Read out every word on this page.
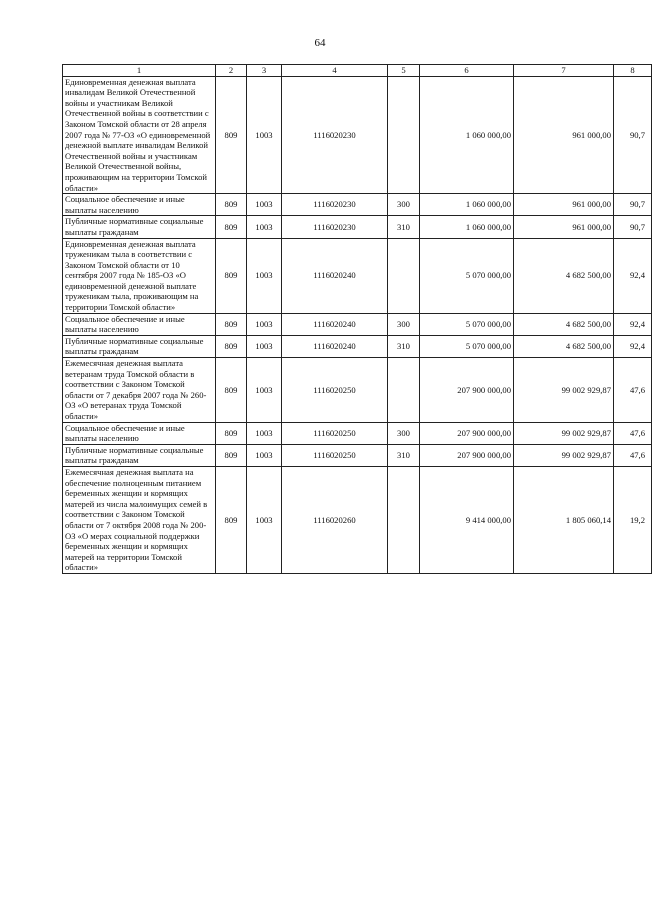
64
1	2	3	4	5	6	7	8
Единовременная денежная выплата инвалидам Великой Отечественной войны и участникам Великой Отечественной войны в соответствии с Законом Томской области от 28 апреля 2007 года № 77-ОЗ «О единовременной денежной выплате инвалидам Великой Отечественной войны и участникам Великой Отечественной войны, проживающим на территории Томской области»	809	1003	1116020230		1 060 000,00	961 000,00	90,7
Социальное обеспечение и иные выплаты населению	809	1003	1116020230	300	1 060 000,00	961 000,00	90,7
Публичные нормативные социальные выплаты гражданам	809	1003	1116020230	310	1 060 000,00	961 000,00	90,7
Единовременная денежная выплата труженикам тыла в соответствии с Законом Томской области от 10 сентября 2007 года № 185-ОЗ «О единовременной денежной выплате труженикам тыла, проживающим на территории Томской области»	809	1003	1116020240		5 070 000,00	4 682 500,00	92,4
Социальное обеспечение и иные выплаты населению	809	1003	1116020240	300	5 070 000,00	4 682 500,00	92,4
Публичные нормативные социальные выплаты гражданам	809	1003	1116020240	310	5 070 000,00	4 682 500,00	92,4
Ежемесячная денежная выплата ветеранам труда Томской области в соответствии с Законом Томской области от 7 декабря 2007 года № 260-ОЗ «О ветеранах труда Томской области»	809	1003	1116020250		207 900 000,00	99 002 929,87	47,6
Социальное обеспечение и иные выплаты населению	809	1003	1116020250	300	207 900 000,00	99 002 929,87	47,6
Публичные нормативные социальные выплаты гражданам	809	1003	1116020250	310	207 900 000,00	99 002 929,87	47,6
Ежемесячная денежная выплата на обеспечение полноценным питанием беременных женщин и кормящих матерей из числа малоимущих семей в соответствии с Законом Томской области от 7 октября 2008 года № 200-ОЗ «О мерах социальной поддержки беременных женщин и кормящих матерей на территории Томской области»	809	1003	1116020260		9 414 000,00	1 805 060,14	19,2
